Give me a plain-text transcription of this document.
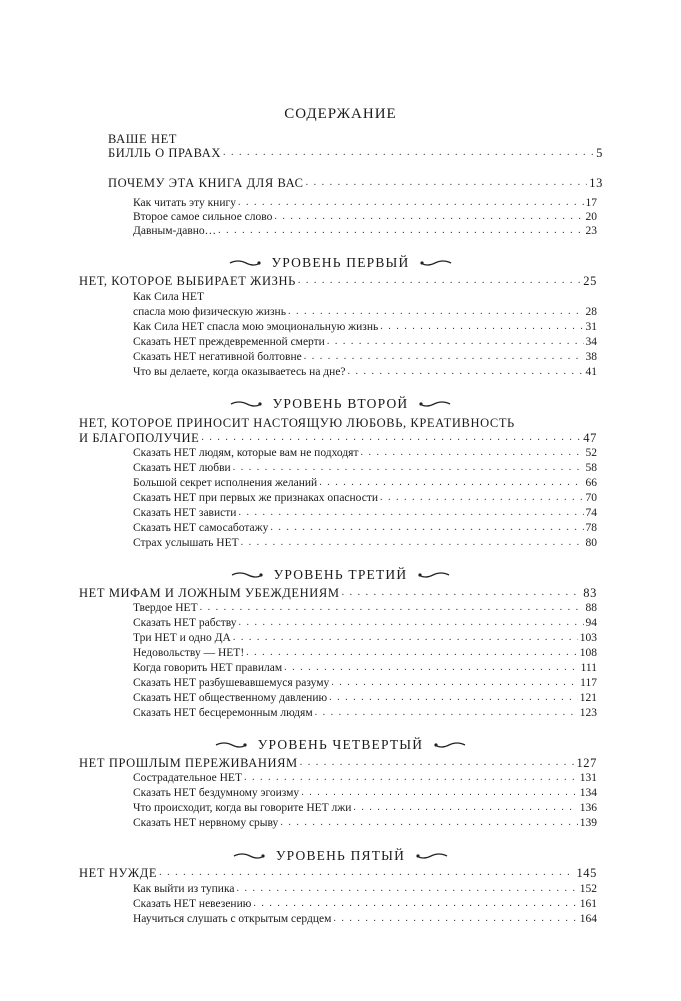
СОДЕРЖАНИЕ
ВАШЕ НЕТ
БИЛЛЬ О ПРАВАХ . . .	5
ПОЧЕМУ ЭТА КНИГА ДЛЯ ВАС . . .	13
Как читать эту книгу . . .	17
Второе самое сильное слово . . .	20
Давным-давно… . . .	23
УРОВЕНЬ ПЕРВЫЙ
НЕТ, КОТОРОЕ ВЫБИРАЕТ ЖИЗНЬ . . .	25
Как Сила НЕТ
спасла мою физическую жизнь . . .	28
Как Сила НЕТ спасла мою эмоциональную жизнь . . .	31
Сказать НЕТ преждевременной смерти . . .	34
Сказать НЕТ негативной болтовне . . .	38
Что вы делаете, когда оказываетесь на дне? . . .	41
УРОВЕНЬ ВТОРОЙ
НЕТ, КОТОРОЕ ПРИНОСИТ НАСТОЯЩУЮ ЛЮБОВЬ, КРЕАТИВНОСТЬ
И БЛАГОПОЛУЧИЕ . . .	47
Сказать НЕТ людям, которые вам не подходят . . .	52
Сказать НЕТ любви . . .	58
Большой секрет исполнения желаний . . .	66
Сказать НЕТ при первых же признаках опасности . . .	70
Сказать НЕТ зависти . . .	74
Сказать НЕТ самосаботажу . . .	78
Страх услышать НЕТ . . .	80
УРОВЕНЬ ТРЕТИЙ
НЕТ МИФАМ И ЛОЖНЫМ УБЕЖДЕНИЯМ . . .	83
Твердое НЕТ . . .	88
Сказать НЕТ рабству . . .	94
Три НЕТ и одно ДА . . .	103
Недовольству — НЕТ! . . .	108
Когда говорить НЕТ правилам . . .	111
Сказать НЕТ разбушевавшемуся разуму . . .	117
Сказать НЕТ общественному давлению . . .	121
Сказать НЕТ бесцеремонным людям . . .	123
УРОВЕНЬ ЧЕТВЕРТЫЙ
НЕТ ПРОШЛЫМ ПЕРЕЖИВАНИЯМ . . .	127
Сострадательное НЕТ . . .	131
Сказать НЕТ бездумному эгоизму . . .	134
Что происходит, когда вы говорите НЕТ лжи . . .	136
Сказать НЕТ нервному срыву . . .	139
УРОВЕНЬ ПЯТЫЙ
НЕТ НУЖДЕ . . .	145
Как выйти из тупика . . .	152
Сказать НЕТ невезению . . .	161
Научиться слушать с открытым сердцем . . .	164
